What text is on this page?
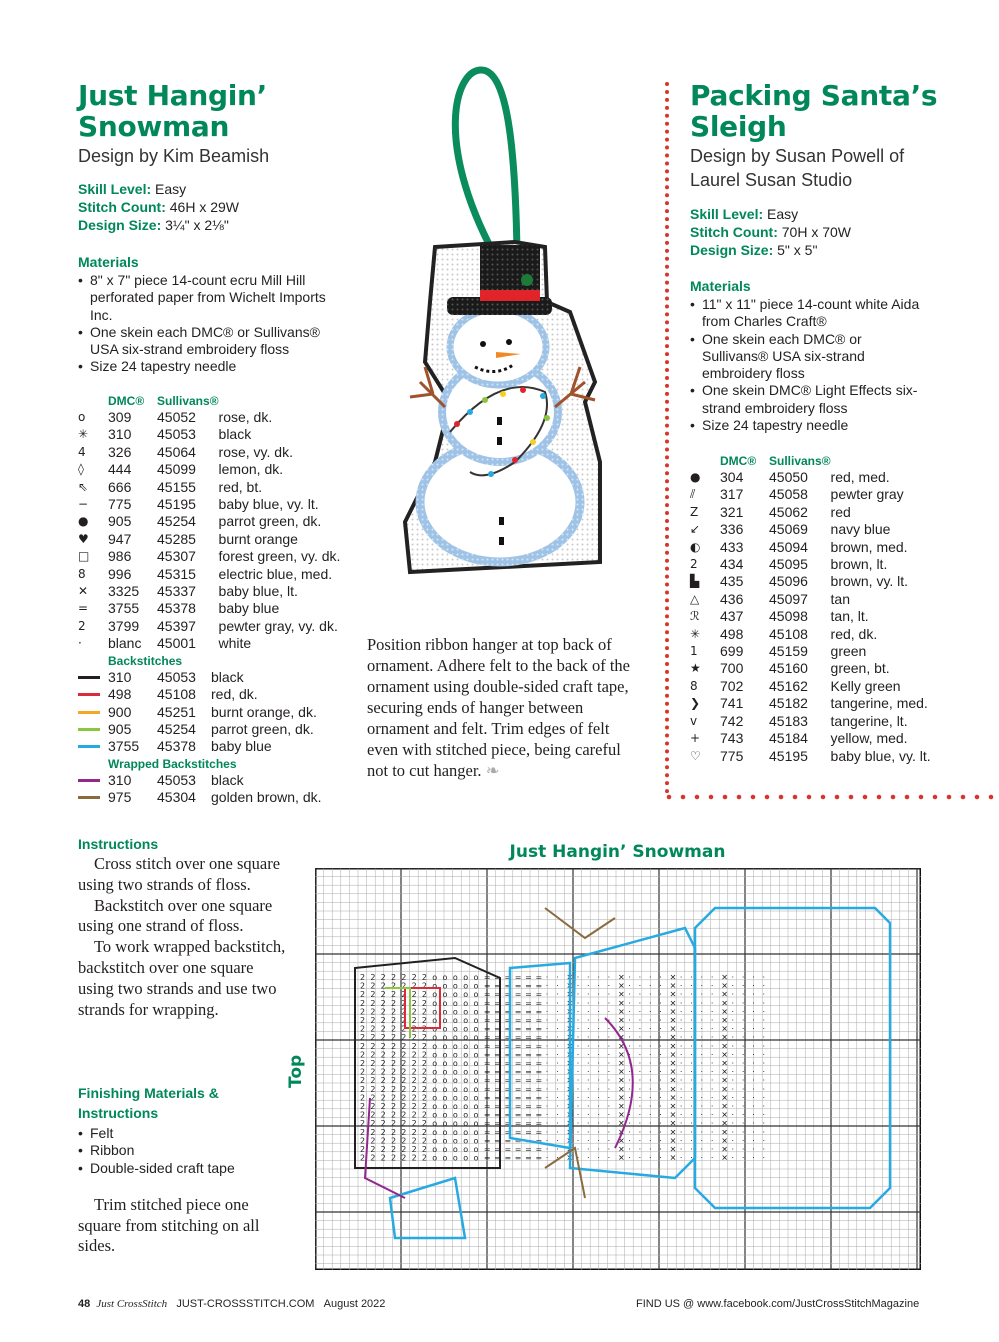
Just Hangin’
Snowman
Design by Kim Beamish
Skill Level: Easy
Stitch Count: 46H x 29W
Design Size: 3¼" x 2⅛"
Materials
• 8" x 7" piece 14-count ecru Mill Hill perforated paper from Wichelt Imports Inc.
• One skein each DMC® or Sullivans® USA six-strand embroidery floss
• Size 24 tapestry needle
	DMC®	Sullivans®	
o	309	45052	rose, dk.
✳	310	45053	black
4	326	45064	rose, vy. dk.
◊	444	45099	lemon, dk.
⇖	666	45155	red, bt.
−	775	45195	baby blue, vy. lt.
●	905	45254	parrot green, dk.
♥	947	45285	burnt orange
□	986	45307	forest green, vy. dk.
8	996	45315	electric blue, med.
✕	3325	45337	baby blue, lt.
=	3755	45378	baby blue
2	3799	45397	pewter gray, vy. dk.
·	blanc	45001	white
Backstitches
	310	45053	black
	498	45108	red, dk.
	900	45251	burnt orange, dk.
	905	45254	parrot green, dk.
	3755	45378	baby blue
Wrapped Backstitches
	310	45053	black
	975	45304	golden brown, dk.
Instructions

Cross stitch over one square using two strands of floss.

Backstitch over one square using one strand of floss.

To work wrapped backstitch, backstitch over one square using two strands and use two strands for wrapping.

Finishing Materials & Instructions
• Felt
• Ribbon
• Double-sided craft tape

Trim stitched piece one square from stitching on all sides.

Position ribbon hanger at top back of ornament. Adhere felt to the back of the ornament using double-sided craft tape, securing ends of hanger between ornament and felt. Trim edges of felt even with stitched piece, being careful not to cut hanger. ❧
Packing Santa’s
Sleigh
Design by Susan Powell of
Laurel Susan Studio
Skill Level: Easy
Stitch Count: 70H x 70W
Design Size: 5" x 5"
Materials
• 11" x 11" piece 14-count white Aida from Charles Craft®
• One skein each DMC® or Sullivans® USA six-strand embroidery floss
• One skein DMC® Light Effects six-strand embroidery floss
• Size 24 tapestry needle
	DMC®	Sullivans®	
●	304	45050	red, med.
⫽	317	45058	pewter gray
Z	321	45062	red
↙	336	45069	navy blue
◐	433	45094	brown, med.
2	434	45095	brown, lt.
▙	435	45096	brown, vy. lt.
△	436	45097	tan
ℛ	437	45098	tan, lt.
✳	498	45108	red, dk.
1	699	45159	green
★	700	45160	green, bt.
8	702	45162	Kelly green
❯	741	45182	tangerine, med.
v	742	45183	tangerine, lt.
+	743	45184	yellow, med.
♡	775	45195	baby blue, vy. lt.
Just Hangin’ Snowman
Top
2 2 2 2 2 2 2 o o o o o = = = = = = · · ✕ · · · · ✕ · · · · ✕ · · · · ✕ · · · ·
2 2 2 2 2 2 2 o o o o o = = = = = = · · ✕ · · · · ✕ · · · · ✕ · · · · ✕ · · · ·
2 2 2 2 2 2 2 o o o o o = = = = = = · · ✕ · · · · ✕ · · · · ✕ · · · · ✕ · · · ·
2 2 2 2 2 2 2 o o o o o = = = = = = · · ✕ · · · · ✕ · · · · ✕ · · · · ✕ · · · ·
2 2 2 2 2 2 2 o o o o o = = = = = = · · ✕ · · · · ✕ · · · · ✕ · · · · ✕ · · · ·
2 2 2 2 2 2 2 o o o o o = = = = = = · · ✕ · · · · ✕ · · · · ✕ · · · · ✕ · · · ·
2 2 2 2 2 2 2 o o o o o = = = = = = · · ✕ · · · · ✕ · · · · ✕ · · · · ✕ · · · ·
2 2 2 2 2 2 2 o o o o o = = = = = = · · ✕ · · · · ✕ · · · · ✕ · · · · ✕ · · · ·
2 2 2 2 2 2 2 o o o o o = = = = = = · · ✕ · · · · ✕ · · · · ✕ · · · · ✕ · · · ·
2 2 2 2 2 2 2 o o o o o = = = = = = · · ✕ · · · · ✕ · · · · ✕ · · · · ✕ · · · ·
2 2 2 2 2 2 2 o o o o o = = = = = = · · ✕ · · · · ✕ · · · · ✕ · · · · ✕ · · · ·
2 2 2 2 2 2 2 o o o o o = = = = = = · · ✕ · · · · ✕ · · · · ✕ · · · · ✕ · · · ·
2 2 2 2 2 2 2 o o o o o = = = = = = · · ✕ · · · · ✕ · · · · ✕ · · · · ✕ · · · ·
2 2 2 2 2 2 2 o o o o o = = = = = = · · ✕ · · · · ✕ · · · · ✕ · · · · ✕ · · · ·
2 2 2 2 2 2 2 o o o o o = = = = = = · · ✕ · · · · ✕ · · · · ✕ · · · · ✕ · · · ·
2 2 2 2 2 2 2 o o o o o = = = = = = · · ✕ · · · · ✕ · · · · ✕ · · · · ✕ · · · ·
2 2 2 2 2 2 2 o o o o o = = = = = = · · ✕ · · · · ✕ · · · · ✕ · · · · ✕ · · · ·
2 2 2 2 2 2 2 o o o o o = = = = = = · · ✕ · · · · ✕ · · · · ✕ · · · · ✕ · · · ·
2 2 2 2 2 2 2 o o o o o = = = = = = · · ✕ · · · · ✕ · · · · ✕ · · · · ✕ · · · ·
2 2 2 2 2 2 2 o o o o o = = = = = = · · ✕ · · · · ✕ · · · · ✕ · · · · ✕ · · · ·
2 2 2 2 2 2 2 o o o o o = = = = = = · · ✕ · · · · ✕ · · · · ✕ · · · · ✕ · · · ·
2 2 2 2 2 2 2 o o o o o = = = = = = · · ✕ · · · · ✕ · · · · ✕ · · · · ✕ · · · ·
48 Just CrossStitch JUST-CROSSSTITCH.COM August 2022	FIND US @ www.facebook.com/JustCrossStitchMagazine
